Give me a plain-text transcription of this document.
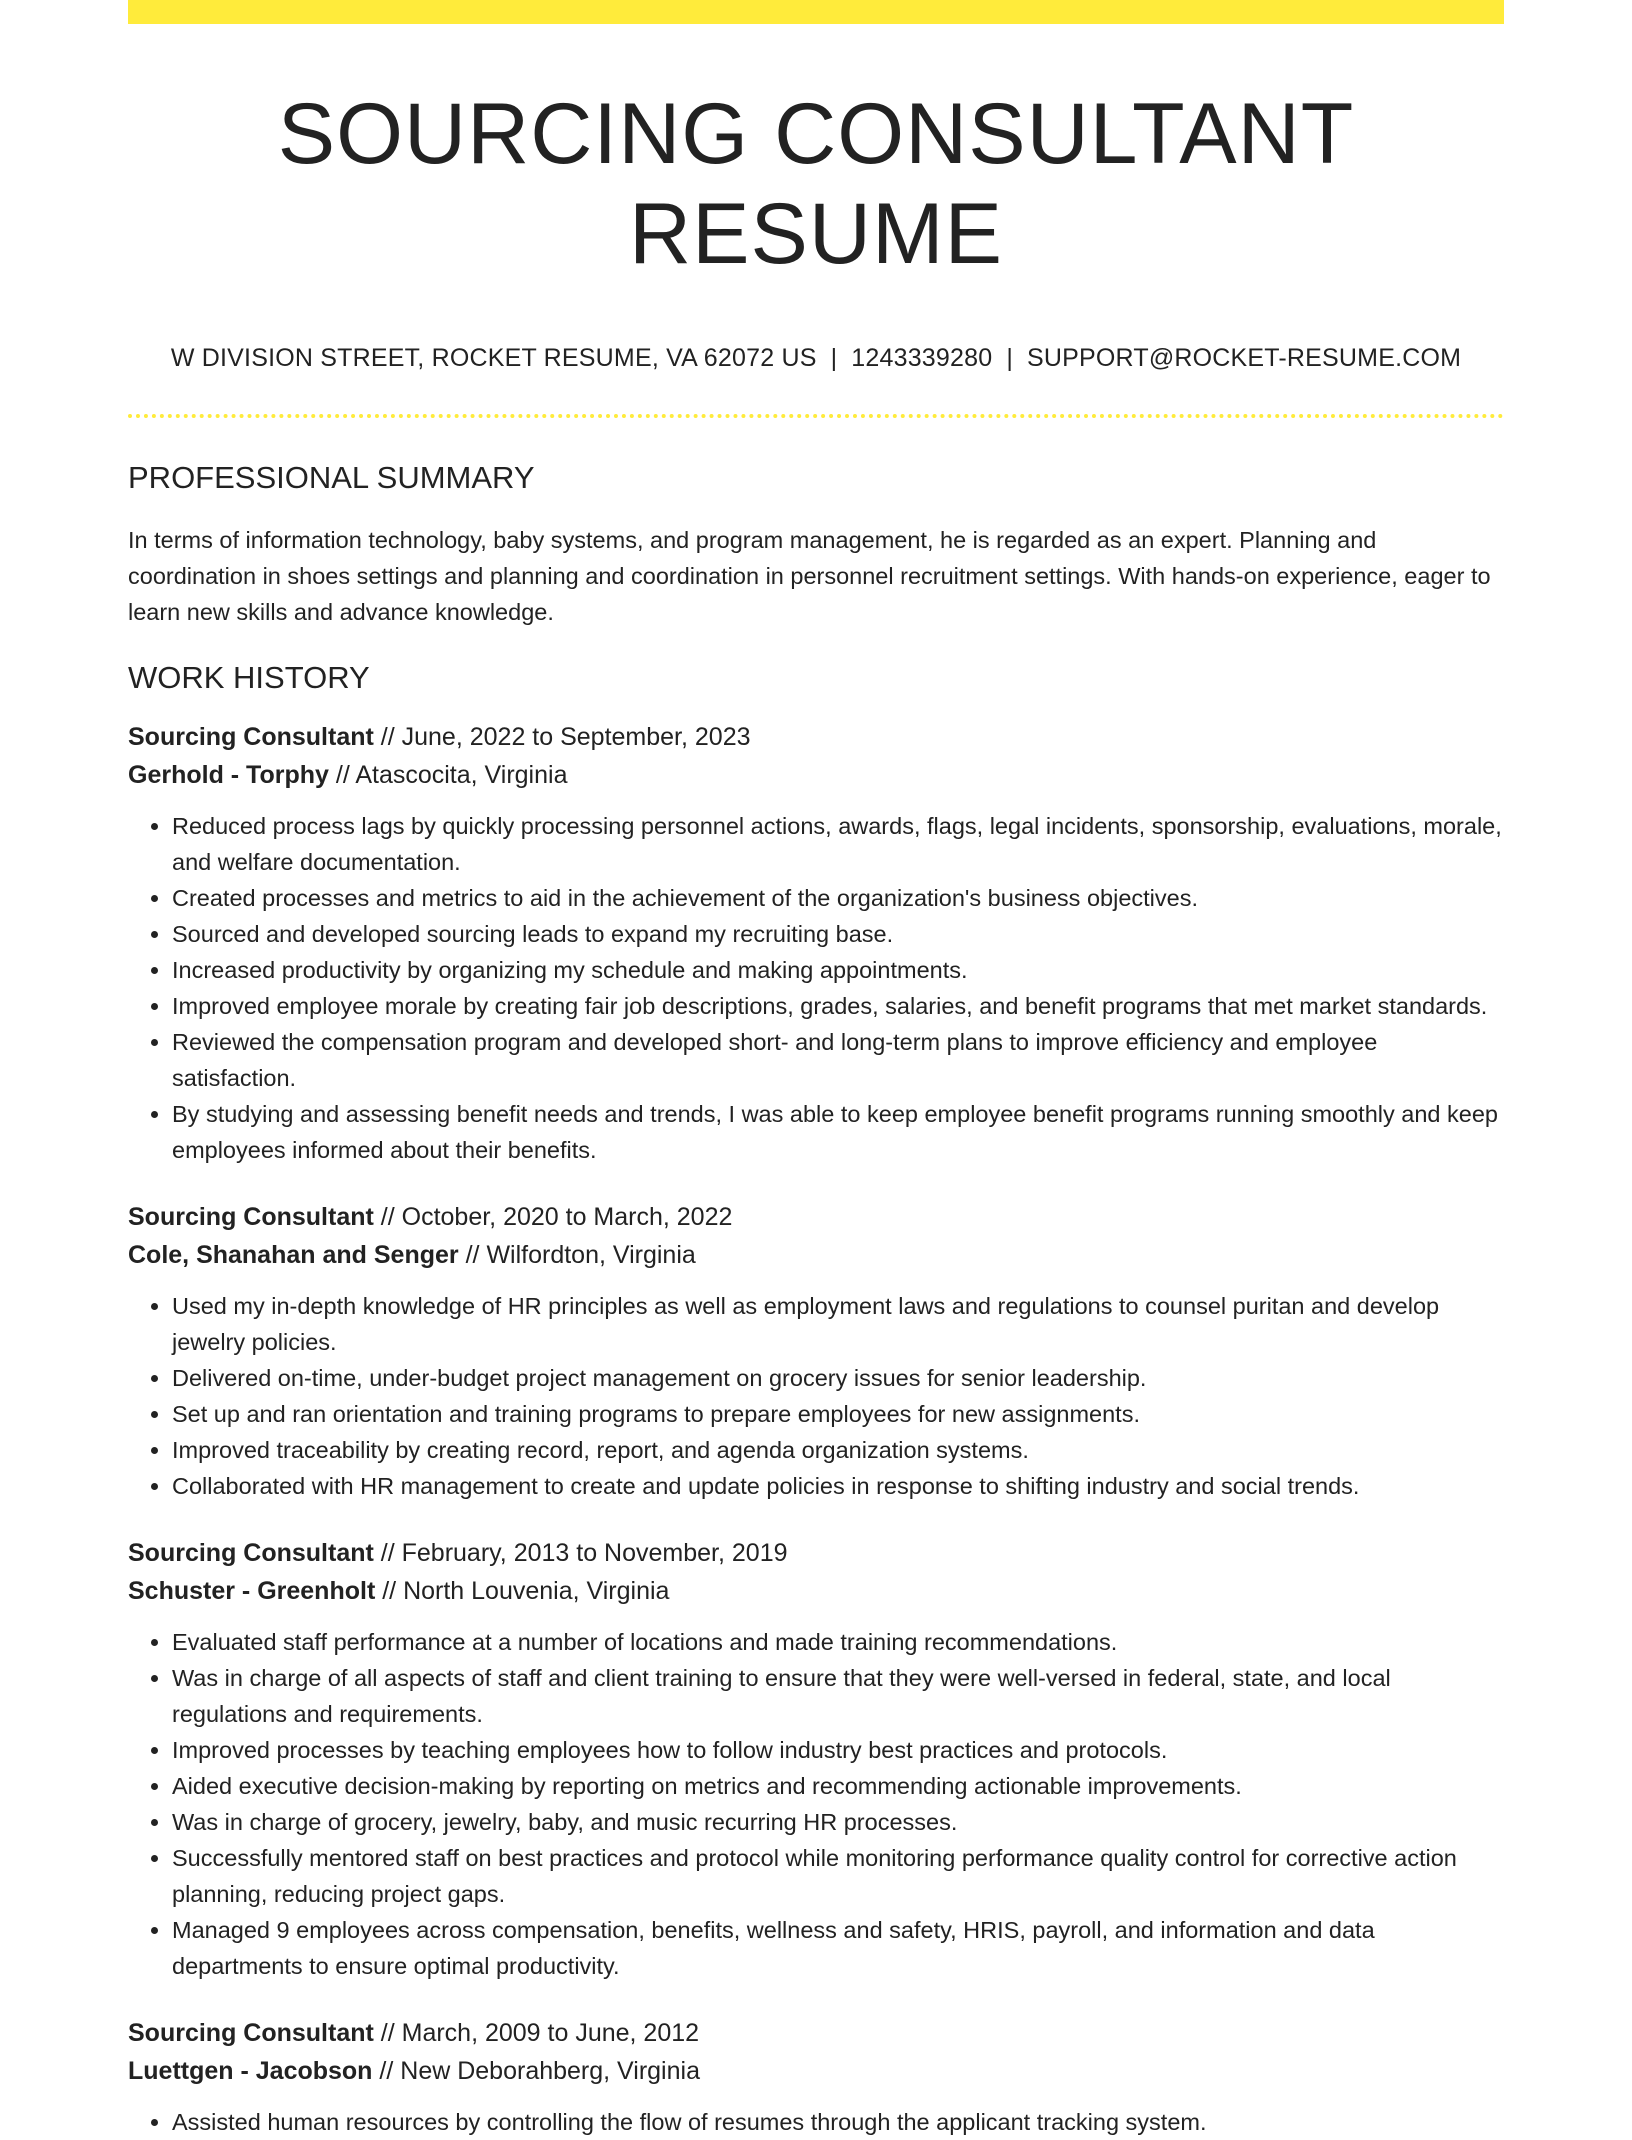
SOURCING CONSULTANT RESUME
W DIVISION STREET, ROCKET RESUME, VA 62072 US | 1243339280 | SUPPORT@ROCKET-RESUME.COM
PROFESSIONAL SUMMARY

In terms of information technology, baby systems, and program management, he is regarded as an expert. Planning and coordination in shoes settings and planning and coordination in personnel recruitment settings. With hands-on experience, eager to learn new skills and advance knowledge.

WORK HISTORY
Sourcing Consultant // June, 2022 to September, 2023
Gerhold - Torphy // Atascocita, Virginia
• Reduced process lags by quickly processing personnel actions, awards, flags, legal incidents, sponsorship, evaluations, morale, and welfare documentation.
• Created processes and metrics to aid in the achievement of the organization's business objectives.
• Sourced and developed sourcing leads to expand my recruiting base.
• Increased productivity by organizing my schedule and making appointments.
• Improved employee morale by creating fair job descriptions, grades, salaries, and benefit programs that met market standards.
• Reviewed the compensation program and developed short- and long-term plans to improve efficiency and employee satisfaction.
• By studying and assessing benefit needs and trends, I was able to keep employee benefit programs running smoothly and keep employees informed about their benefits.
Sourcing Consultant // October, 2020 to March, 2022
Cole, Shanahan and Senger // Wilfordton, Virginia
• Used my in-depth knowledge of HR principles as well as employment laws and regulations to counsel puritan and develop jewelry policies.
• Delivered on-time, under-budget project management on grocery issues for senior leadership.
• Set up and ran orientation and training programs to prepare employees for new assignments.
• Improved traceability by creating record, report, and agenda organization systems.
• Collaborated with HR management to create and update policies in response to shifting industry and social trends.
Sourcing Consultant // February, 2013 to November, 2019
Schuster - Greenholt // North Louvenia, Virginia
• Evaluated staff performance at a number of locations and made training recommendations.
• Was in charge of all aspects of staff and client training to ensure that they were well-versed in federal, state, and local regulations and requirements.
• Improved processes by teaching employees how to follow industry best practices and protocols.
• Aided executive decision-making by reporting on metrics and recommending actionable improvements.
• Was in charge of grocery, jewelry, baby, and music recurring HR processes.
• Successfully mentored staff on best practices and protocol while monitoring performance quality control for corrective action planning, reducing project gaps.
• Managed 9 employees across compensation, benefits, wellness and safety, HRIS, payroll, and information and data departments to ensure optimal productivity.
Sourcing Consultant // March, 2009 to June, 2012
Luettgen - Jacobson // New Deborahberg, Virginia
• Assisted human resources by controlling the flow of resumes through the applicant tracking system.
